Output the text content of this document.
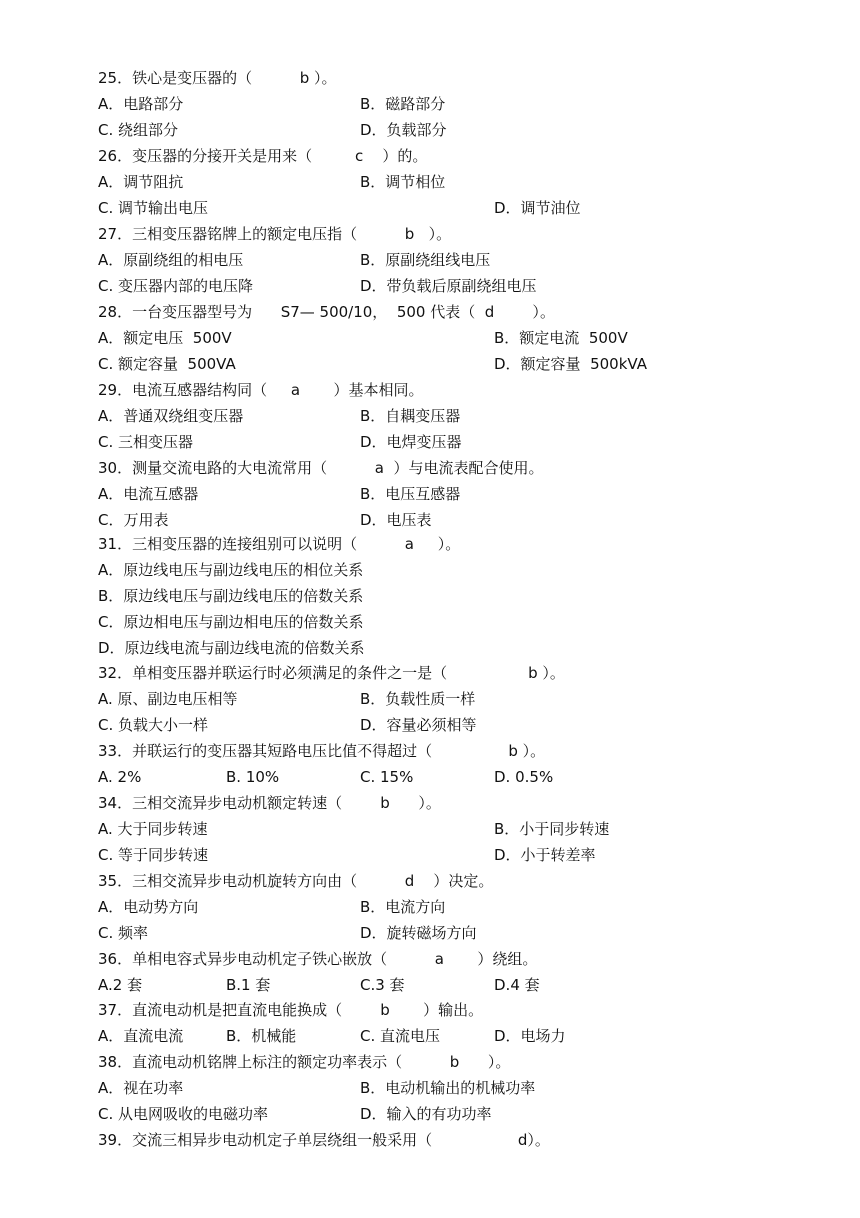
25．铁心是变压器的（          b ）。
A．电路部分	B．磁路部分
C. 绕组部分	D．负载部分
26．变压器的分接开关是用来（         c    ）的。
A．调节阻抗	B．调节相位
C. 调节输出电压	D．调节油位
27．三相变压器铭牌上的额定电压指（          b   ）。
A．原副绕组的相电压	B．原副绕组线电压
C. 变压器内部的电压降	D．带负载后原副绕组电压
28．一台变压器型号为      S7— 500/10，  500 代表（  d        ）。
A．额定电压  500V	B．额定电流  500V
C. 额定容量  500VA	D．额定容量  500kVA
29．电流互感器结构同（     a       ）基本相同。
A．普通双绕组变压器	B．自耦变压器
C. 三相变压器	D．电焊变压器
30．测量交流电路的大电流常用（          a  ）与电流表配合使用。
A．电流互感器	B．电压互感器
C．万用表	D．电压表
31．三相变压器的连接组别可以说明（          a     ）。
A．原边线电压与副边线电压的相位关系
B．原边线电压与副边线电压的倍数关系
C．原边相电压与副边相电压的倍数关系
D．原边线电流与副边线电流的倍数关系
32．单相变压器并联运行时必须满足的条件之一是（                 b ）。
A. 原、副边电压相等	B．负载性质一样
C. 负载大小一样	D．容量必须相等
33．并联运行的变压器其短路电压比值不得超过（                b ）。
A. 2%	B. 10%	C. 15%	D. 0.5%
34．三相交流异步电动机额定转速（        b      ）。
A. 大于同步转速	B．小于同步转速
C. 等于同步转速	D．小于转差率
35．三相交流异步电动机旋转方向由（          d    ）决定。
A．电动势方向	B．电流方向
C. 频率	D．旋转磁场方向
36．单相电容式异步电动机定子铁心嵌放（          a       ）绕组。
A.2 套	B.1 套	C.3 套	D.4 套
37．直流电动机是把直流电能换成（        b       ）输出。
A．直流电流	B．机械能	C. 直流电压	D．电场力
38．直流电动机铭牌上标注的额定功率表示（          b      ）。
A．视在功率	B．电动机输出的机械功率
C. 从电网吸收的电磁功率	D．输入的有功功率
39．交流三相异步电动机定子单层绕组一般采用（                  d）。
